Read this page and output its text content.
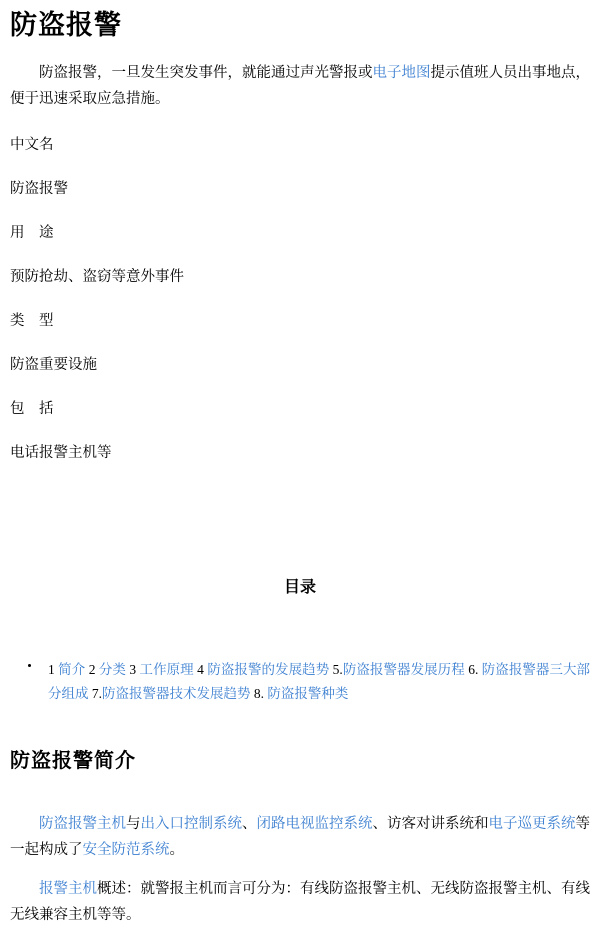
防盗报警

防盗报警，一旦发生突发事件，就能通过声光警报或电子地图提示值班人员出事地点，便于迅速采取应急措施。

中文名
防盗报警
用　途
预防抢劫、盗窃等意外事件
类　型
防盗重要设施
包　括
电话报警主机等
目录
1 简介 2 分类 3 工作原理 4 防盗报警的发展趋势 5.防盗报警器发展历程 6. 防盗报警器三大部分组成 7.防盗报警器技术发展趋势 8. 防盗报警种类
防盗报警简介

防盗报警主机与出入口控制系统、闭路电视监控系统、访客对讲系统和电子巡更系统等一起构成了安全防范系统。

报警主机概述：就警报主机而言可分为：有线防盗报警主机、无线防盗报警主机、有线无线兼容主机等等。
